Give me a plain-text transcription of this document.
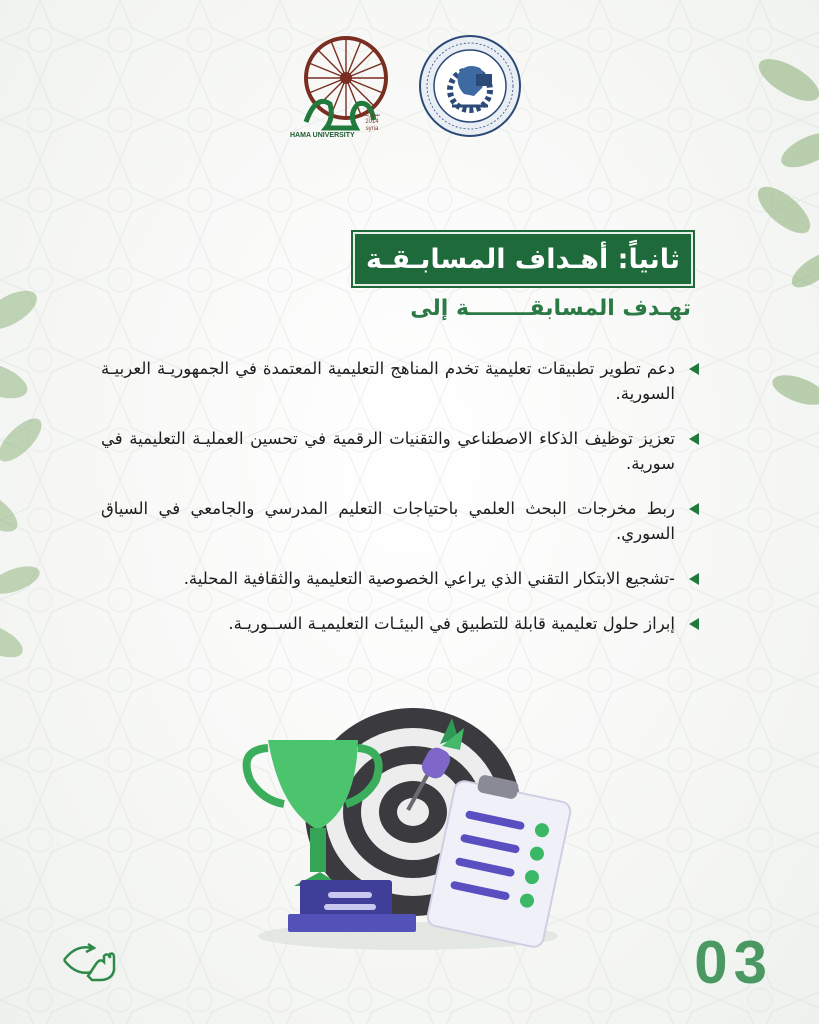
HAMA UNIVERSITY
سورية
2014
syria
ثانياً: أهـداف المسابـقـة
تهـدف المسابقــــــــة إلى
دعم تطوير تطبيقات تعليمية تخدم المناهج التعليمية المعتمدة في الجمهوريـة العربيـة السورية.
تعزيز توظيف الذكاء الاصطناعي والتقنيات الرقمية في تحسين العمليـة التعليمية في سورية.
ربط مخرجات البحث العلمي باحتياجات التعليم المدرسي والجامعي في السياق السوري.
-تشجيع الابتكار التقني الذي يراعي الخصوصية التعليمية والثقافية المحلية.
إبراز حلول تعليمية قابلة للتطبيق في البيئـات التعليميـة الســوريـة.
03
